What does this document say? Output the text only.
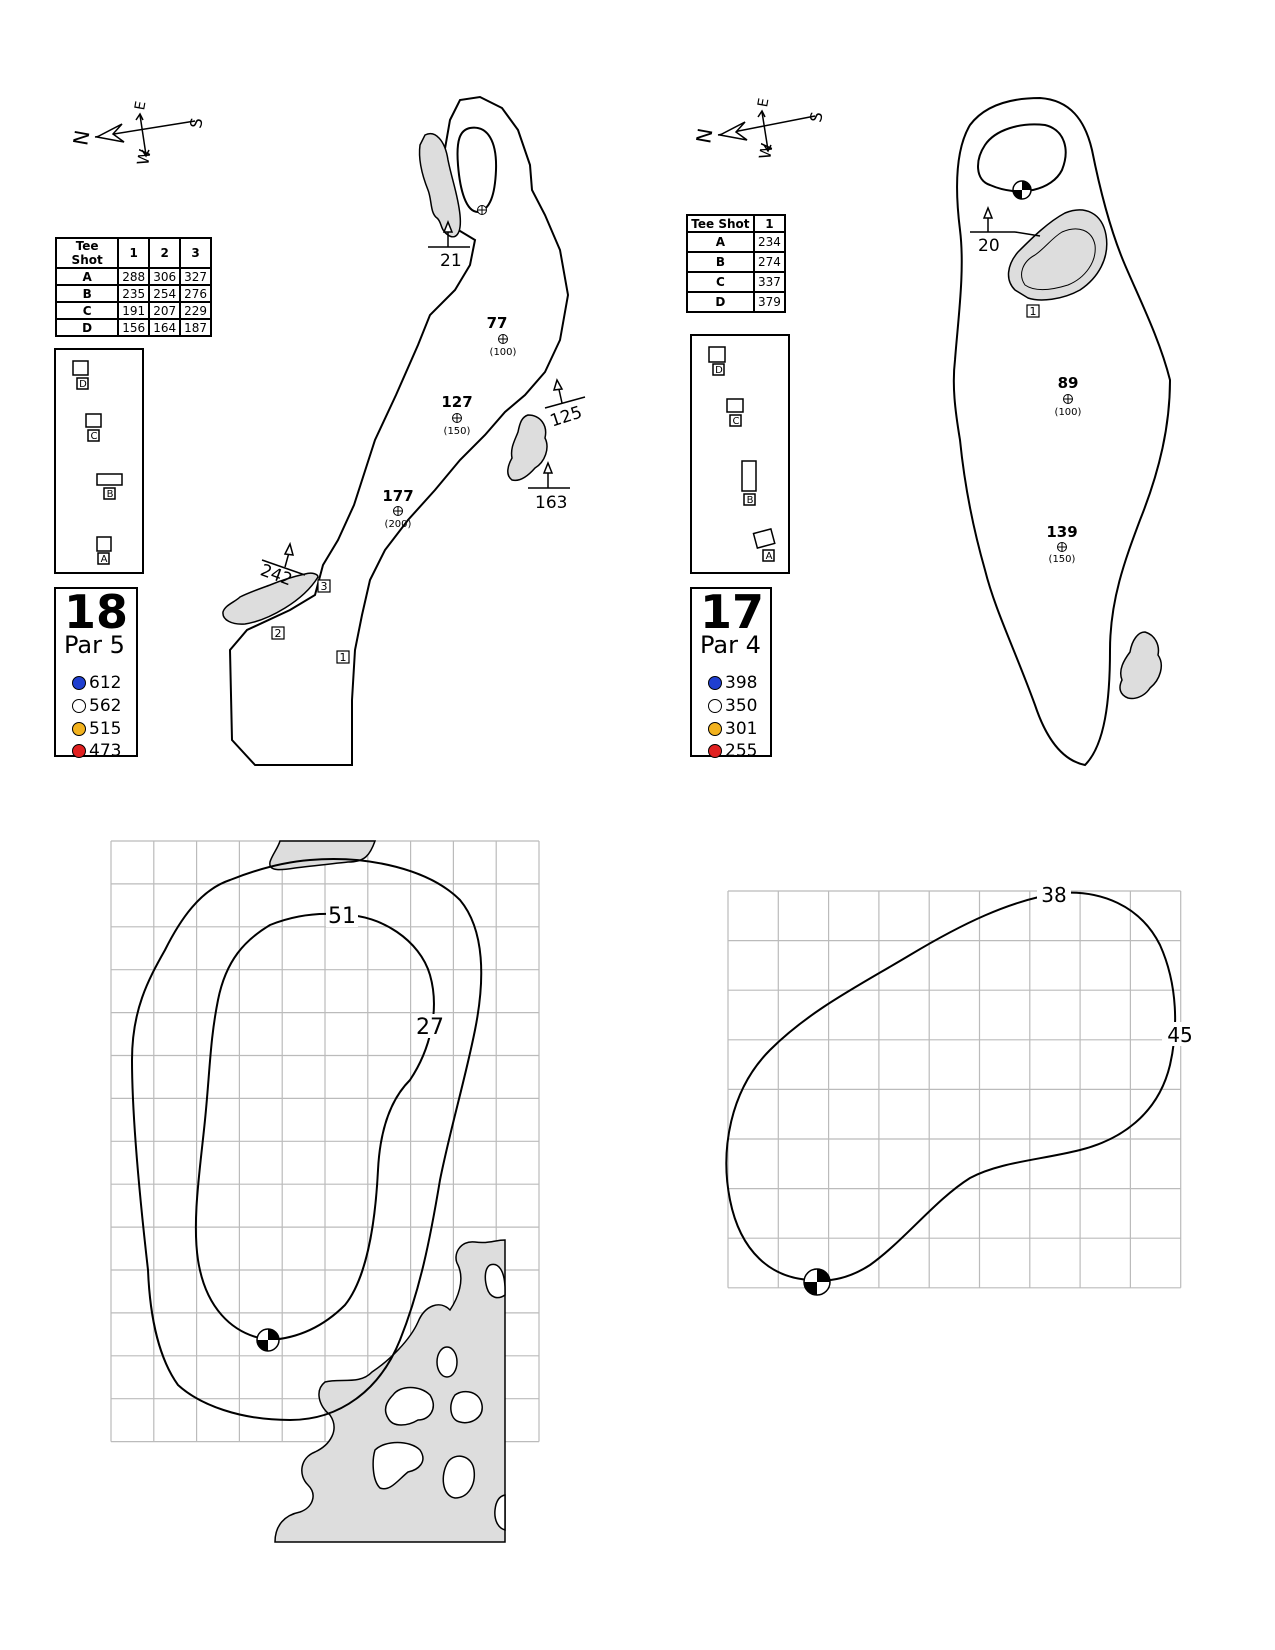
N
E
S
W
21
125
163
242
77
(100)
127
(150)
177
(200)
1
2
3
D
C
B
A
N
E
S
W
20
89
(100)
139
(150)
1
D
C
B
A
51
27
38
45
Tee Shot	1	2	3
A	288	306	327
B	235	254	276
C	191	207	229
D	156	164	187
18
Par 5
612
562
515
473
Tee Shot	1
A	234
B	274
C	337
D	379
17
Par 4
398
350
301
255
